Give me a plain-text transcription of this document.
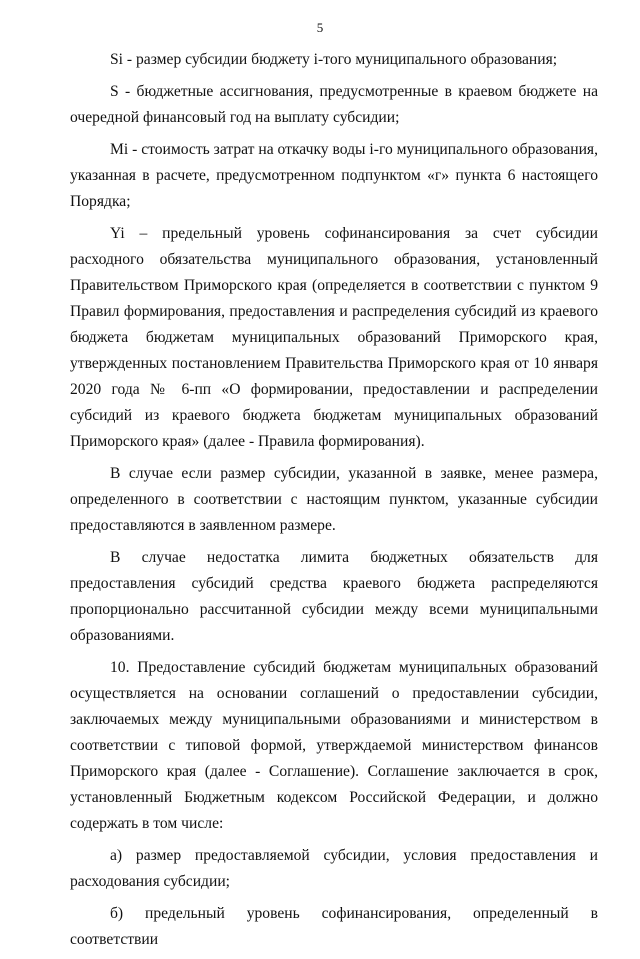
5

Si - размер субсидии бюджету i-того муниципального образования;

S - бюджетные ассигнования, предусмотренные в краевом бюджете на очередной финансовый год на выплату субсидии;

Mi - стоимость затрат на откачку воды i-го муниципального образования, указанная в расчете, предусмотренном подпунктом «г» пункта 6 настоящего Порядка;

Yi – предельный уровень софинансирования за счет субсидии расходного обязательства муниципального образования, установленный Правительством Приморского края (определяется в соответствии с пунктом 9 Правил формирования, предоставления и распределения субсидий из краевого бюджета бюджетам муниципальных образований Приморского края, утвержденных постановлением Правительства Приморского края от 10 января 2020 года № 6-пп «О формировании, предоставлении и распределении субсидий из краевого бюджета бюджетам муниципальных образований Приморского края» (далее - Правила формирования).

В случае если размер субсидии, указанной в заявке, менее размера, определенного в соответствии с настоящим пунктом, указанные субсидии предоставляются в заявленном размере.

В случае недостатка лимита бюджетных обязательств для предоставления субсидий средства краевого бюджета распределяются пропорционально рассчитанной субсидии между всеми муниципальными образованиями.

10. Предоставление субсидий бюджетам муниципальных образований осуществляется на основании соглашений о предоставлении субсидии, заключаемых между муниципальными образованиями и министерством в соответствии с типовой формой, утверждаемой министерством финансов Приморского края (далее - Соглашение). Соглашение заключается в срок, установленный Бюджетным кодексом Российской Федерации, и должно содержать в том числе:

а) размер предоставляемой субсидии, условия предоставления и расходования субсидии;

б) предельный уровень софинансирования, определенный в соответствии
